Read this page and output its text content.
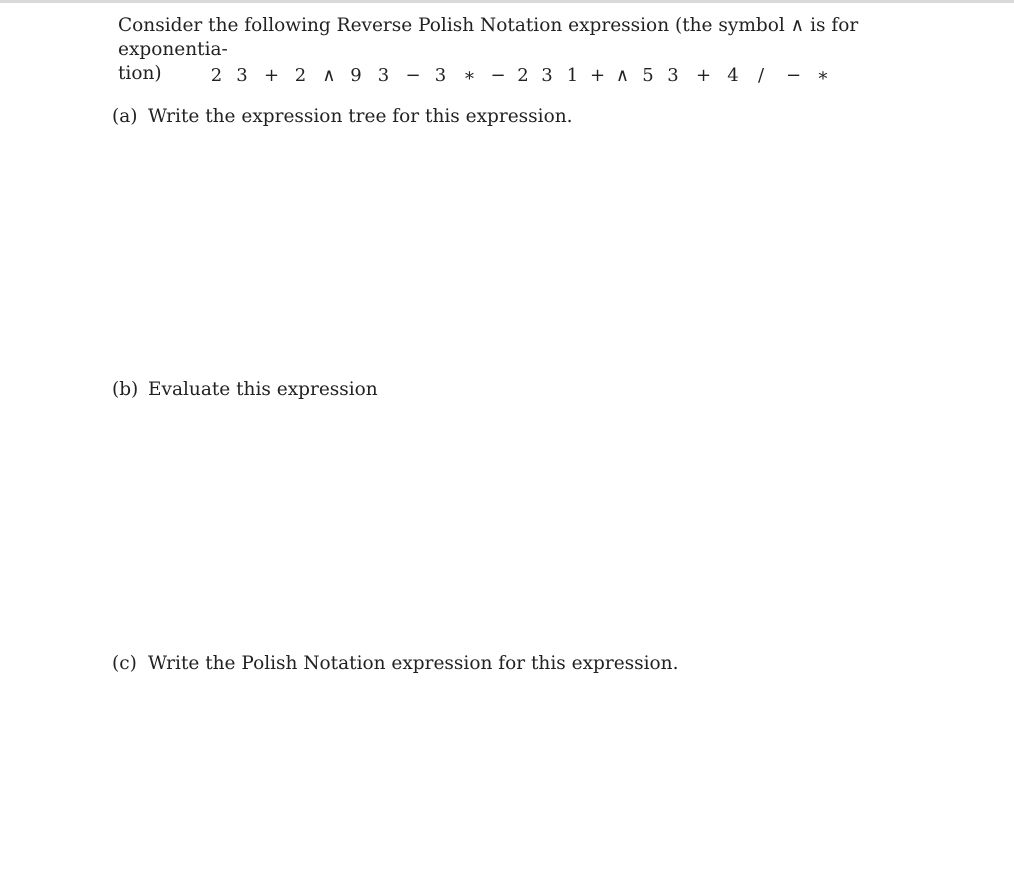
Consider the following Reverse Polish Notation expression (the symbol ∧ is for exponentia-
tion)	2 3 + 2 ∧ 9 3 − 3 ∗ − 2 3 1 + ∧ 5 3 + 4 / − ∗
(a) Write the expression tree for this expression.
(b) Evaluate this expression
(c) Write the Polish Notation expression for this expression.
